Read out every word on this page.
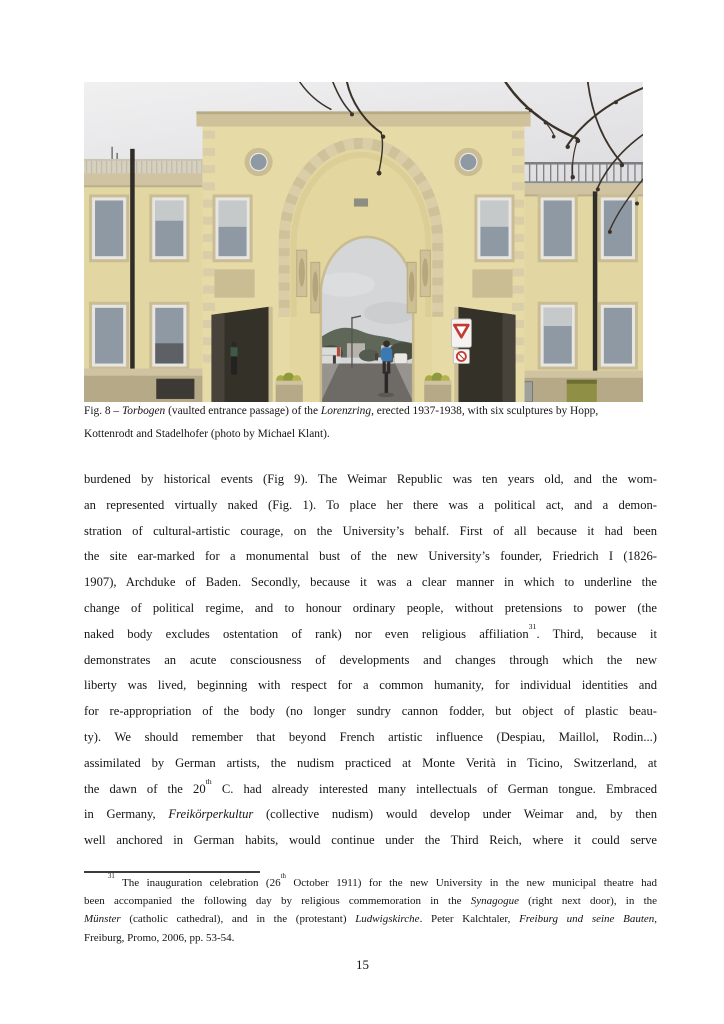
Fig. 8 – Torbogen (vaulted entrance passage) of the Lorenzring, erected 1937-1938, with six sculptures by Hopp,
Kottenrodt and Stadelhofer (photo by Michael Klant).
burdened by historical events (Fig 9). The Weimar Republic was ten years old, and the wom-
an represented virtually naked (Fig. 1). To place her there was a political act, and a demon-
stration of cultural-artistic courage, on the University’s behalf. First of all because it had been
the site ear-marked for a monumental bust of the new University’s founder, Friedrich I (1826-
1907), Archduke of Baden. Secondly, because it was a clear manner in which to underline the
change of political regime, and to honour ordinary people, without pretensions to power (the
naked body excludes ostentation of rank) nor even religious affiliation$^{31}$. Third, because it
demonstrates an acute consciousness of developments and changes through which the new
liberty was lived, beginning with respect for a common humanity, for individual identities and
for re-appropriation of the body (no longer sundry cannon fodder, but object of plastic beau-
ty). We should remember that beyond French artistic influence (Despiau, Maillol, Rodin...)
assimilated by German artists, the nudism practiced at Monte Verità in Ticino, Switzerland, at
the dawn of the 20th C. had already interested many intellectuals of German tongue. Embraced
in Germany, Freikörperkultur (collective nudism) would develop under Weimar and, by then
well anchored in German habits, would continue under the Third Reich, where it could serve
$^{31}$ The inauguration celebration (26th October 1911) for the new University in the new municipal theatre had
been accompanied the following day by religious commemoration in the Synagogue (right next door), in the
Münster (catholic cathedral), and in the (protestant) Ludwigskirche. Peter Kalchtaler, Freiburg und seine Bauten,
Freiburg, Promo, 2006, pp. 53-54.
15
